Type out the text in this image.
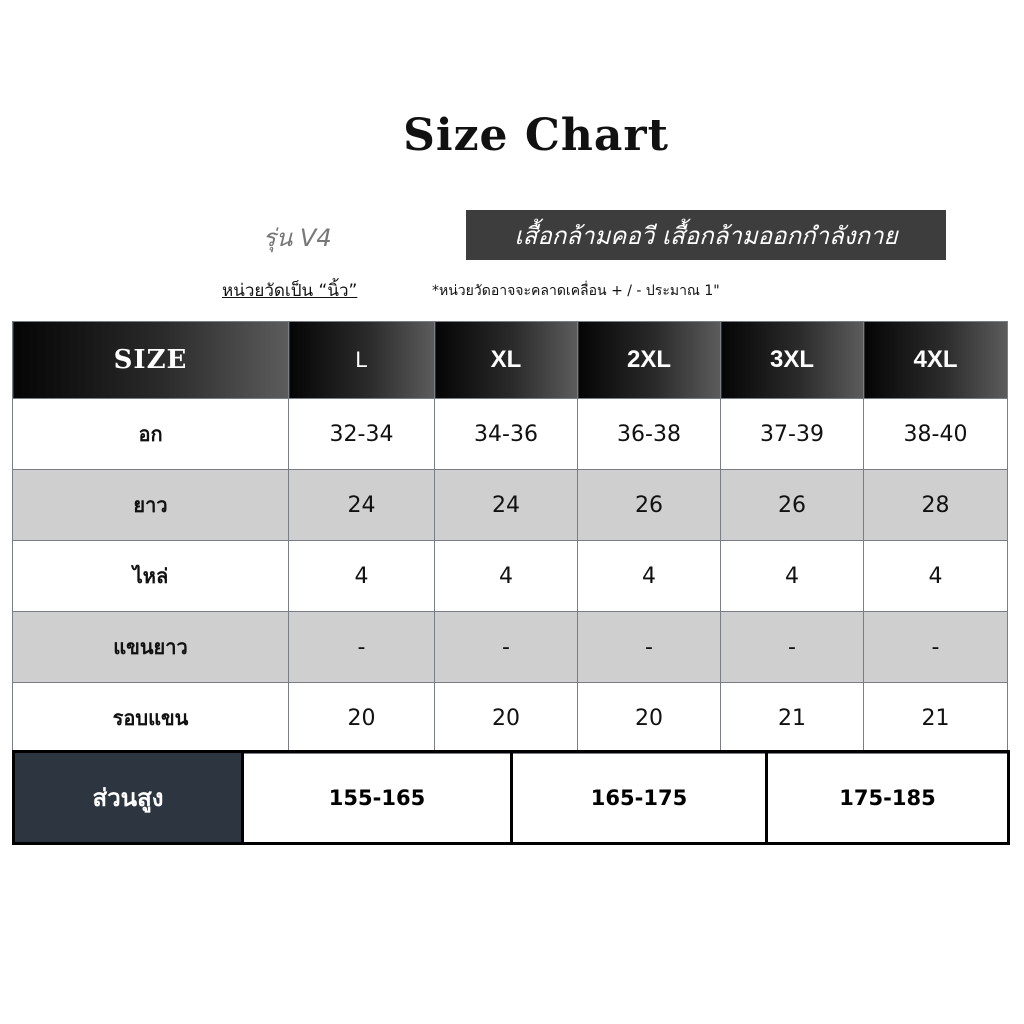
Size Chart
รุ่น V4	เสื้อกล้ามคอวี เสื้อกล้ามออกกำลังกาย
หน่วยวัดเป็น “นิ้ว”	*หน่วยวัดอาจจะคลาดเคลื่อน + / - ประมาณ 1"
SIZE	L	XL	2XL	3XL	4XL
อก	32-34	34-36	36-38	37-39	38-40
ยาว	24	24	26	26	28
ไหล่	4	4	4	4	4
แขนยาว	-	-	-	-	-
รอบแขน	20	20	20	21	21
ส่วนสูง	155-165	165-175	175-185
